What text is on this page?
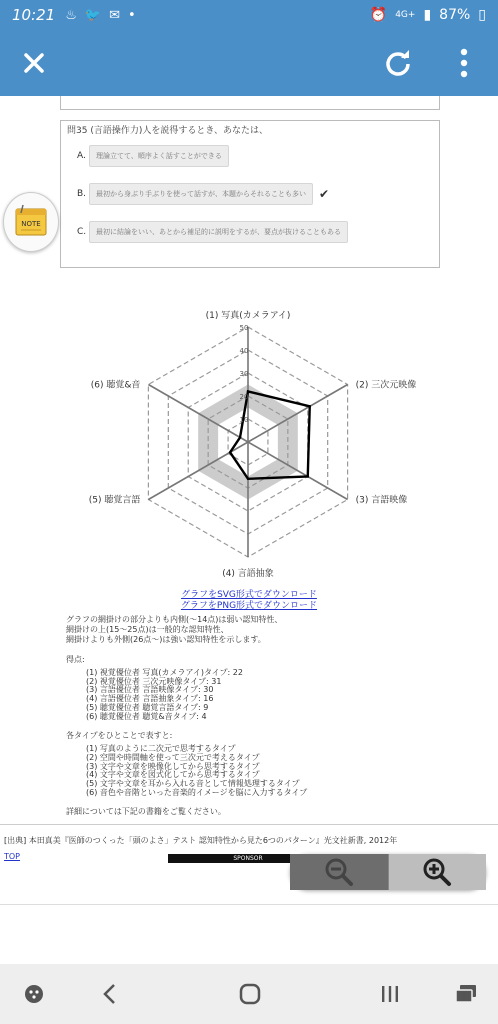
10:21 ♨ 🐦 ✉ •	⏰ 4G+ ▮ 87% ▯
問35 (言語操作力)人を説得するとき、あなたは、
A.	理論立てて、順序よく話すことができる
B.	最初から身ぶり手ぶりを使って話すが、本題からそれることも多い	✔
C.	最初に結論をいい、あとから補足的に説明をするが、要点が抜けることもある
NOTE
10
20
30
40
50
(1) 写真(カメラアイ)
(2) 三次元映像
(3) 言語映像
(4) 言語抽象
(5) 聴覚言語
(6) 聴覚&音
グラフをSVG形式でダウンロード
グラフをPNG形式でダウンロード
グラフの網掛けの部分よりも内側(〜14点)は弱い認知特性、
網掛けの上(15〜25点)は一般的な認知特性、
網掛けよりも外側(26点〜)は強い認知特性を示します。
得点:
(1) 視覚優位者 写真(カメラアイ)タイプ: 22
(2) 視覚優位者 三次元映像タイプ: 31
(3) 言語優位者 言語映像タイプ: 30
(4) 言語優位者 言語抽象タイプ: 16
(5) 聴覚優位者 聴覚言語タイプ: 9
(6) 聴覚優位者 聴覚&音タイプ: 4
各タイプをひとことで表すと:
(1) 写真のように二次元で思考するタイプ
(2) 空間や時間軸を使って三次元で考えるタイプ
(3) 文字や文章を映像化してから思考するタイプ
(4) 文字や文章を図式化してから思考するタイプ
(5) 文字や文章を耳から入れる音として情報処理するタイプ
(6) 音色や音階といった音楽的イメージを脳に入力するタイプ
詳細については下記の書籍をご覧ください。
[出典] 本田真美『医師のつくった「頭のよさ」テスト 認知特性から見た6つのパターン』光文社新書, 2012年
TOP	SPONSOR
